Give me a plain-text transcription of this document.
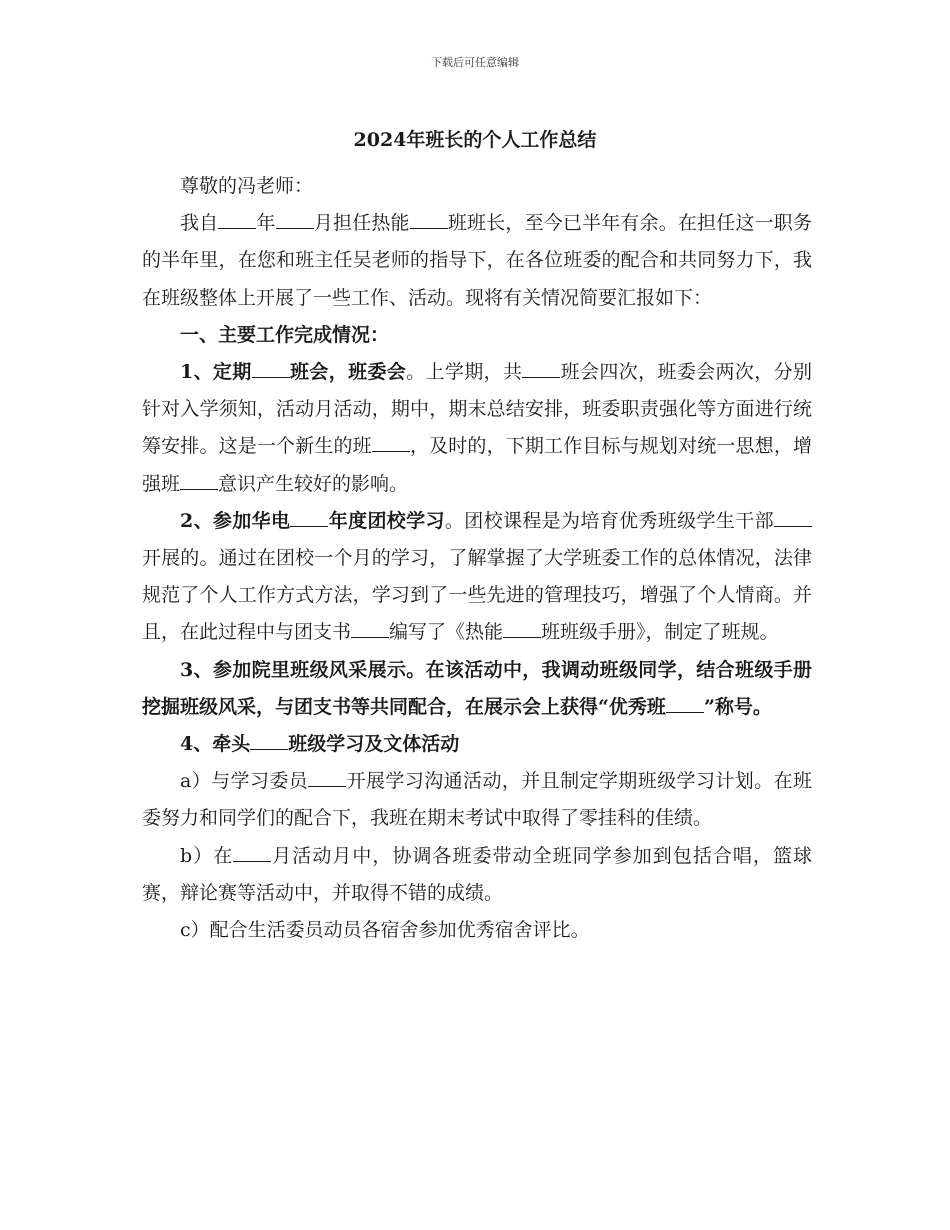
下载后可任意编辑
2024年班长的个人工作总结

尊敬的冯老师：

我自 年 月担任热能 班班长，至今已半年有余。在担任这一职务的半年里，在您和班主任吴老师的指导下，在各位班委的配合和共同努力下，我在班级整体上开展了一些工作、活动。现将有关情况简要汇报如下：

一、主要工作完成情况：

1、定期 班会，班委会。上学期，共 班会四次，班委会两次，分别针对入学须知，活动月活动，期中，期末总结安排，班委职责强化等方面进行统筹安排。这是一个新生的班 ，及时的，下期工作目标与规划对统一思想，增强班 意识产生较好的影响。

2、参加华电 年度团校学习。团校课程是为培育优秀班级学生干部开展的。通过在团校一个月的学习，了解掌握了大学班委工作的总体情况，法律规范了个人工作方式方法，学习到了一些先进的管理技巧，增强了个人情商。并且，在此过程中与团支书 编写了《热能 班班级手册》，制定了班规。

3、参加院里班级风采展示。在该活动中，我调动班级同学，结合班级手册挖掘班级风采，与团支书等共同配合，在展示会上获得“优秀班 ”称号。

4、牵头 班级学习及文体活动

a）与学习委员 开展学习沟通活动，并且制定学期班级学习计划。在班委努力和同学们的配合下，我班在期末考试中取得了零挂科的佳绩。

b）在 月活动月中，协调各班委带动全班同学参加到包括合唱，篮球赛，辩论赛等活动中，并取得不错的成绩。

c）配合生活委员动员各宿舍参加优秀宿舍评比。
